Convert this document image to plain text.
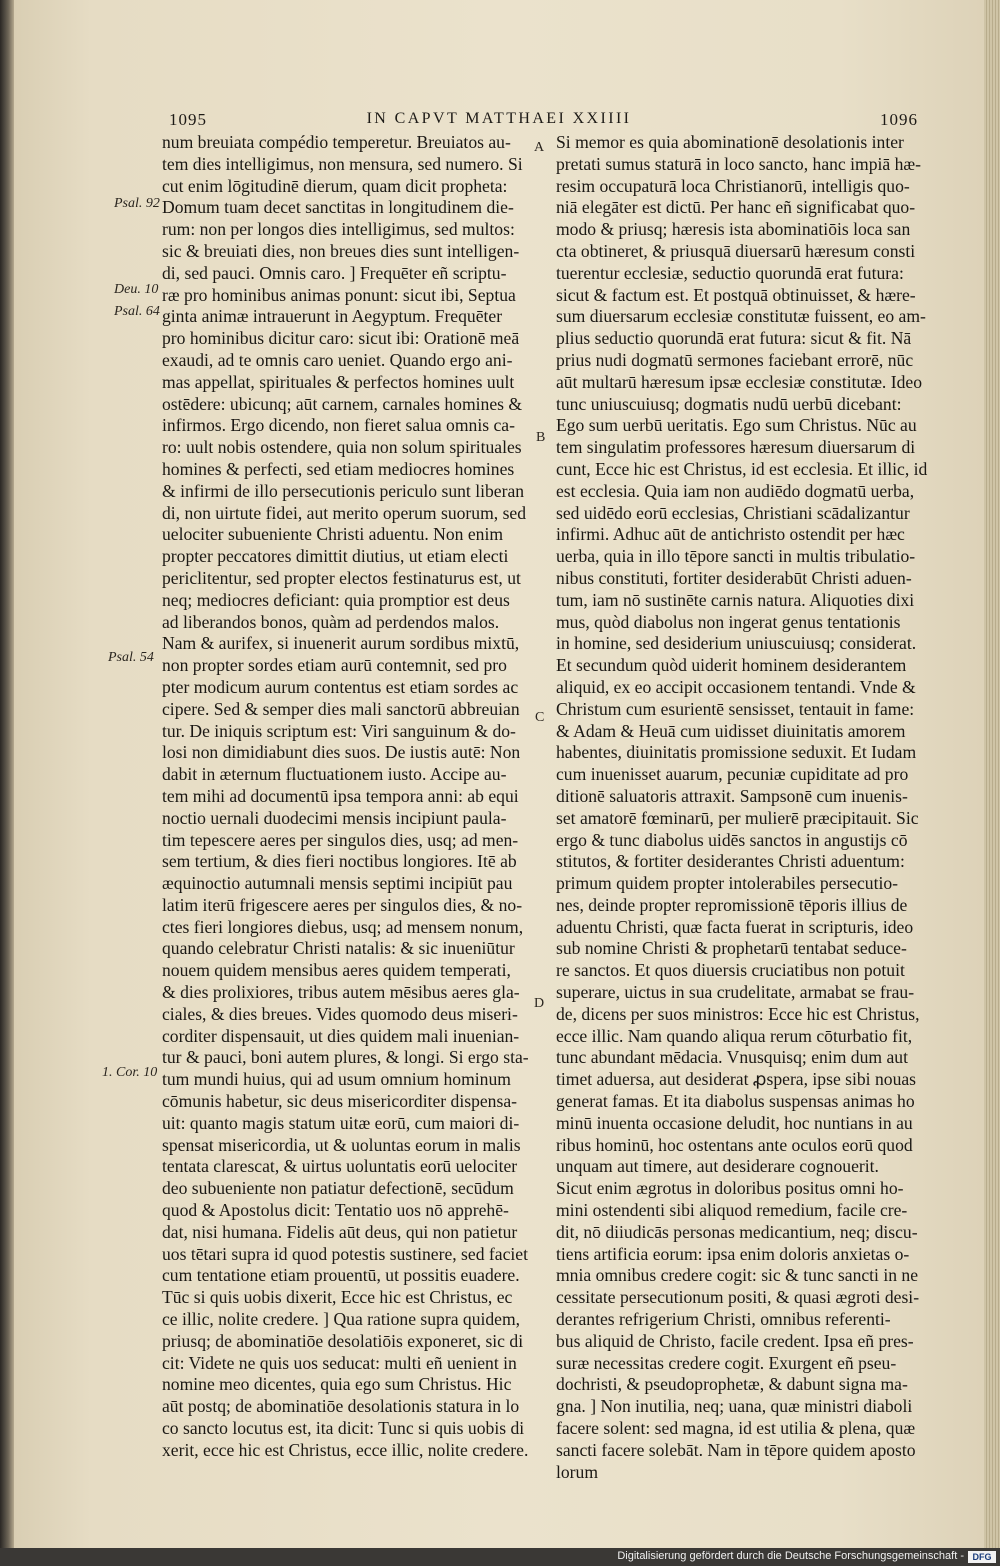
1095	IN CAPVT MATTHAEI XXIIII	1096
Psal. 92
Deu. 10
Psal. 64
Psal. 54
1. Cor. 10
A
B
C
D
num breuiata compédio temperetur. Breuiatos au-
tem dies intelligimus, non mensura, sed numero. Si
cut enim lōgitudinē dierum, quam dicit propheta:
Domum tuam decet sanctitas in longitudinem die-
rum: non per longos dies intelligimus, sed multos:
sic & breuiati dies, non breues dies sunt intelligen-
di, sed pauci. Omnis caro. ] Frequēter eñ scriptu-
ræ pro hominibus animas ponunt: sicut ibi, Septua
ginta animæ intrauerunt in Aegyptum. Frequēter
pro hominibus dicitur caro: sicut ibi: Orationē meā
exaudi, ad te omnis caro ueniet. Quando ergo ani-
mas appellat, spirituales & perfectos homines uult
ostēdere: ubicunq; aūt carnem, carnales homines &
infirmos. Ergo dicendo, non fieret salua omnis ca-
ro: uult nobis ostendere, quia non solum spirituales
homines & perfecti, sed etiam mediocres homines
& infirmi de illo persecutionis periculo sunt liberan
di, non uirtute fidei, aut merito operum suorum, sed
uelociter subueniente Christi aduentu. Non enim
propter peccatores dimittit diutius, ut etiam electi
periclitentur, sed propter electos festinaturus est, ut
neq; mediocres deficiant: quia promptior est deus
ad liberandos bonos, quàm ad perdendos malos.
Nam & aurifex, si inuenerit aurum sordibus mixtū,
non propter sordes etiam aurū contemnit, sed pro
pter modicum aurum contentus est etiam sordes ac
cipere. Sed & semper dies mali sanctorū abbreuian
tur. De iniquis scriptum est: Viri sanguinum & do-
losi non dimidiabunt dies suos. De iustis autē: Non
dabit in æternum fluctuationem iusto. Accipe au-
tem mihi ad documentū ipsa tempora anni: ab equi
noctio uernali duodecimi mensis incipiunt paula-
tim tepescere aeres per singulos dies, usq; ad men-
sem tertium, & dies fieri noctibus longiores. Itē ab
æquinoctio autumnali mensis septimi incipiūt pau
latim iterū frigescere aeres per singulos dies, & no-
ctes fieri longiores diebus, usq; ad mensem nonum,
quando celebratur Christi natalis: & sic inueniūtur
nouem quidem mensibus aeres quidem temperati,
& dies prolixiores, tribus autem mēsibus aeres gla-
ciales, & dies breues. Vides quomodo deus miseri-
corditer dispensauit, ut dies quidem mali inuenian-
tur & pauci, boni autem plures, & longi. Si ergo sta-
tum mundi huius, qui ad usum omnium hominum
cōmunis habetur, sic deus misericorditer dispensa-
uit: quanto magis statum uitæ eorū, cum maiori di-
spensat misericordia, ut & uoluntas eorum in malis
tentata clarescat, & uirtus uoluntatis eorū uelociter
deo subueniente non patiatur defectionē, secūdum
quod & Apostolus dicit: Tentatio uos nō apprehē-
dat, nisi humana. Fidelis aūt deus, qui non patietur
uos tētari supra id quod potestis sustinere, sed faciet
cum tentatione etiam prouentū, ut possitis euadere.
Tūc si quis uobis dixerit, Ecce hic est Christus, ec
ce illic, nolite credere. ] Qua ratione supra quidem,
priusq; de abominatiōe desolatiōis exponeret, sic di
cit: Videte ne quis uos seducat: multi eñ uenient in
nomine meo dicentes, quia ego sum Christus. Hic
aūt postq; de abominatiōe desolationis statura in lo
co sancto locutus est, ita dicit: Tunc si quis uobis di
xerit, ecce hic est Christus, ecce illic, nolite credere.
Si memor es quia abominationē desolationis inter
pretati sumus staturā in loco sancto, hanc impiā hæ-
resim occupaturā loca Christianorū, intelligis quo-
niā elegāter est dictū. Per hanc eñ significabat quo-
modo & priusq; hæresis ista abominatiōis loca san
cta obtineret, & priusquā diuersarū hæresum consti
tuerentur ecclesiæ, seductio quorundā erat futura:
sicut & factum est. Et postquā obtinuisset, & hære-
sum diuersarum ecclesiæ constitutæ fuissent, eo am-
plius seductio quorundā erat futura: sicut & fit. Nā
prius nudi dogmatū sermones faciebant errorē, nūc
aūt multarū hæresum ipsæ ecclesiæ constitutæ. Ideo
tunc uniuscuiusq; dogmatis nudū uerbū dicebant:
Ego sum uerbū ueritatis. Ego sum Christus. Nūc au
tem singulatim professores hæresum diuersarum di
cunt, Ecce hic est Christus, id est ecclesia. Et illic, id
est ecclesia. Quia iam non audiēdo dogmatū uerba,
sed uidēdo eorū ecclesias, Christiani scādalizantur
infirmi. Adhuc aūt de antichristo ostendit per hæc
uerba, quia in illo tēpore sancti in multis tribulatio-
nibus constituti, fortiter desiderabūt Christi aduen-
tum, iam nō sustinēte carnis natura. Aliquoties dixi
mus, quòd diabolus non ingerat genus tentationis
in homine, sed desiderium uniuscuiusq; considerat.
Et secundum quòd uiderit hominem desiderantem
aliquid, ex eo accipit occasionem tentandi. Vnde &
Christum cum esurientē sensisset, tentauit in fame:
& Adam & Heuā cum uidisset diuinitatis amorem
habentes, diuinitatis promissione seduxit. Et Iudam
cum inuenisset auarum, pecuniæ cupiditate ad pro
ditionē saluatoris attraxit. Sampsonē cum inuenis-
set amatorē fœminarū, per mulierē præcipitauit. Sic
ergo & tunc diabolus uidēs sanctos in angustijs cō
stitutos, & fortiter desiderantes Christi aduentum:
primum quidem propter intolerabiles persecutio-
nes, deinde propter repromissionē tēporis illius de
aduentu Christi, quæ facta fuerat in scripturis, ideo
sub nomine Christi & prophetarū tentabat seduce-
re sanctos. Et quos diuersis cruciatibus non potuit
superare, uictus in sua crudelitate, armabat se frau-
de, dicens per suos ministros: Ecce hic est Christus,
ecce illic. Nam quando aliqua rerum cōturbatio fit,
tunc abundant mēdacia. Vnusquisq; enim dum aut
timet aduersa, aut desiderat ꝓspera, ipse sibi nouas
generat famas. Et ita diabolus suspensas animas ho
minū inuenta occasione deludit, hoc nuntians in au
ribus hominū, hoc ostentans ante oculos eorū quod
unquam aut timere, aut desiderare cognouerit.
Sicut enim ægrotus in doloribus positus omni ho-
mini ostendenti sibi aliquod remedium, facile cre-
dit, nō diiudicās personas medicantium, neq; discu-
tiens artificia eorum: ipsa enim doloris anxietas o-
mnia omnibus credere cogit: sic & tunc sancti in ne
cessitate persecutionum positi, & quasi ægroti desi-
derantes refrigerium Christi, omnibus referenti-
bus aliquid de Christo, facile credent. Ipsa eñ pres-
suræ necessitas credere cogit. Exurgent eñ pseu-
dochristi, & pseudoprophetæ, & dabunt signa ma-
gna. ] Non inutilia, neq; uana, quæ ministri diaboli
facere solent: sed magna, id est utilia & plena, quæ
sancti facere solebāt. Nam in tēpore quidem aposto
lorum
Digitalisierung gefördert durch die Deutsche Forschungsgemeinschaft - DFG
